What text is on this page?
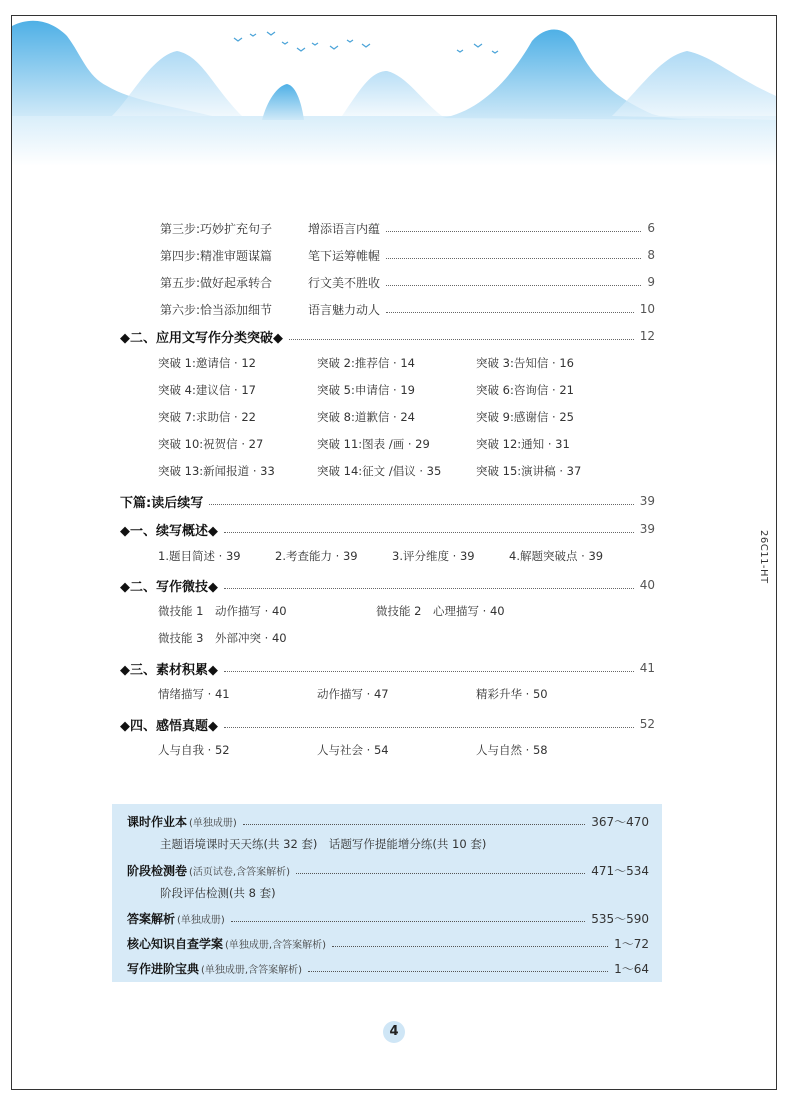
26C11-HT
第三步:巧妙扩充句子	增添语言内蕴	6
第四步:精准审题谋篇	笔下运筹帷幄	8
第五步:做好起承转合	行文美不胜收	9
第六步:恰当添加细节	语言魅力动人	10
◆二、应用文写作分类突破◆	12
突破 1:邀请信 · 12	突破 2:推荐信 · 14	突破 3:告知信 · 16
突破 4:建议信 · 17	突破 5:申请信 · 19	突破 6:咨询信 · 21
突破 7:求助信 · 22	突破 8:道歉信 · 24	突破 9:感谢信 · 25
突破 10:祝贺信 · 27	突破 11:图表 /画 · 29	突破 12:通知 · 31
突破 13:新闻报道 · 33	突破 14:征文 /倡议 · 35	突破 15:演讲稿 · 37
下篇:读后续写	39
◆一、续写概述◆	39
1.题目简述 · 39	2.考查能力 · 39	3.评分维度 · 39	4.解题突破点 · 39
◆二、写作微技◆	40
微技能 1　动作描写 · 40	微技能 2　心理描写 · 40
微技能 3　外部冲突 · 40
◆三、素材积累◆	41
情绪描写 · 41	动作描写 · 47	精彩升华 · 50
◆四、感悟真题◆	52
人与自我 · 52	人与社会 · 54	人与自然 · 58
课时作业本 (单独成册)	367～470
主题语境课时天天练(共 32 套)　话题写作提能增分练(共 10 套)
阶段检测卷 (活页试卷,含答案解析)	471～534
阶段评估检测(共 8 套)
答案解析 (单独成册)	535～590
核心知识自查学案 (单独成册,含答案解析)	1～72
写作进阶宝典 (单独成册,含答案解析)	1～64
4
